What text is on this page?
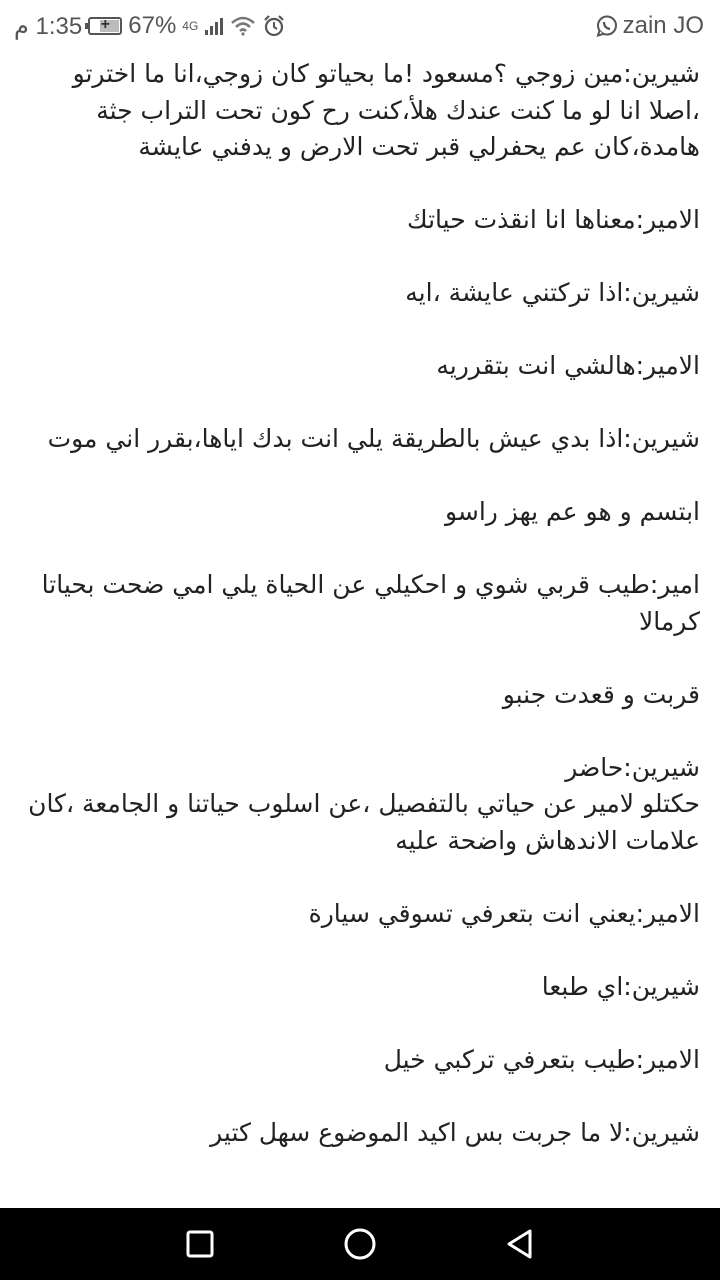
1:35 م	+ 67% 4G	zain JO

شيرين:مين زوجي ؟مسعود !ما بحياتو كان زوجي،انا ما اخترتو ،اصلا انا لو ما كنت عندك هلأ،كنت رح كون تحت التراب جثة هامدة،كان عم يحفرلي قبر تحت الارض و يدفني عايشة

الامير:معناها انا انقذت حياتك

شيرين:اذا تركتني عايشة ،ايه

الامير:هالشي انت بتقرريه

شيرين:اذا بدي عيش بالطريقة يلي انت بدك اياها،بقرر اني موت

ابتسم و هو عم يهز راسو

امير:طيب قربي شوي و احكيلي عن الحياة يلي امي ضحت بحياتا كرمالا

قربت و قعدت جنبو

شيرين:حاضر
حكتلو لامير عن حياتي بالتفصيل ،عن اسلوب حياتنا و الجامعة ،كان علامات الاندهاش واضحة عليه

الامير:يعني انت بتعرفي تسوقي سيارة

شيرين:اي طبعا

الامير:طيب بتعرفي تركبي خيل

شيرين:لا ما جربت بس اكيد الموضوع سهل كتير
